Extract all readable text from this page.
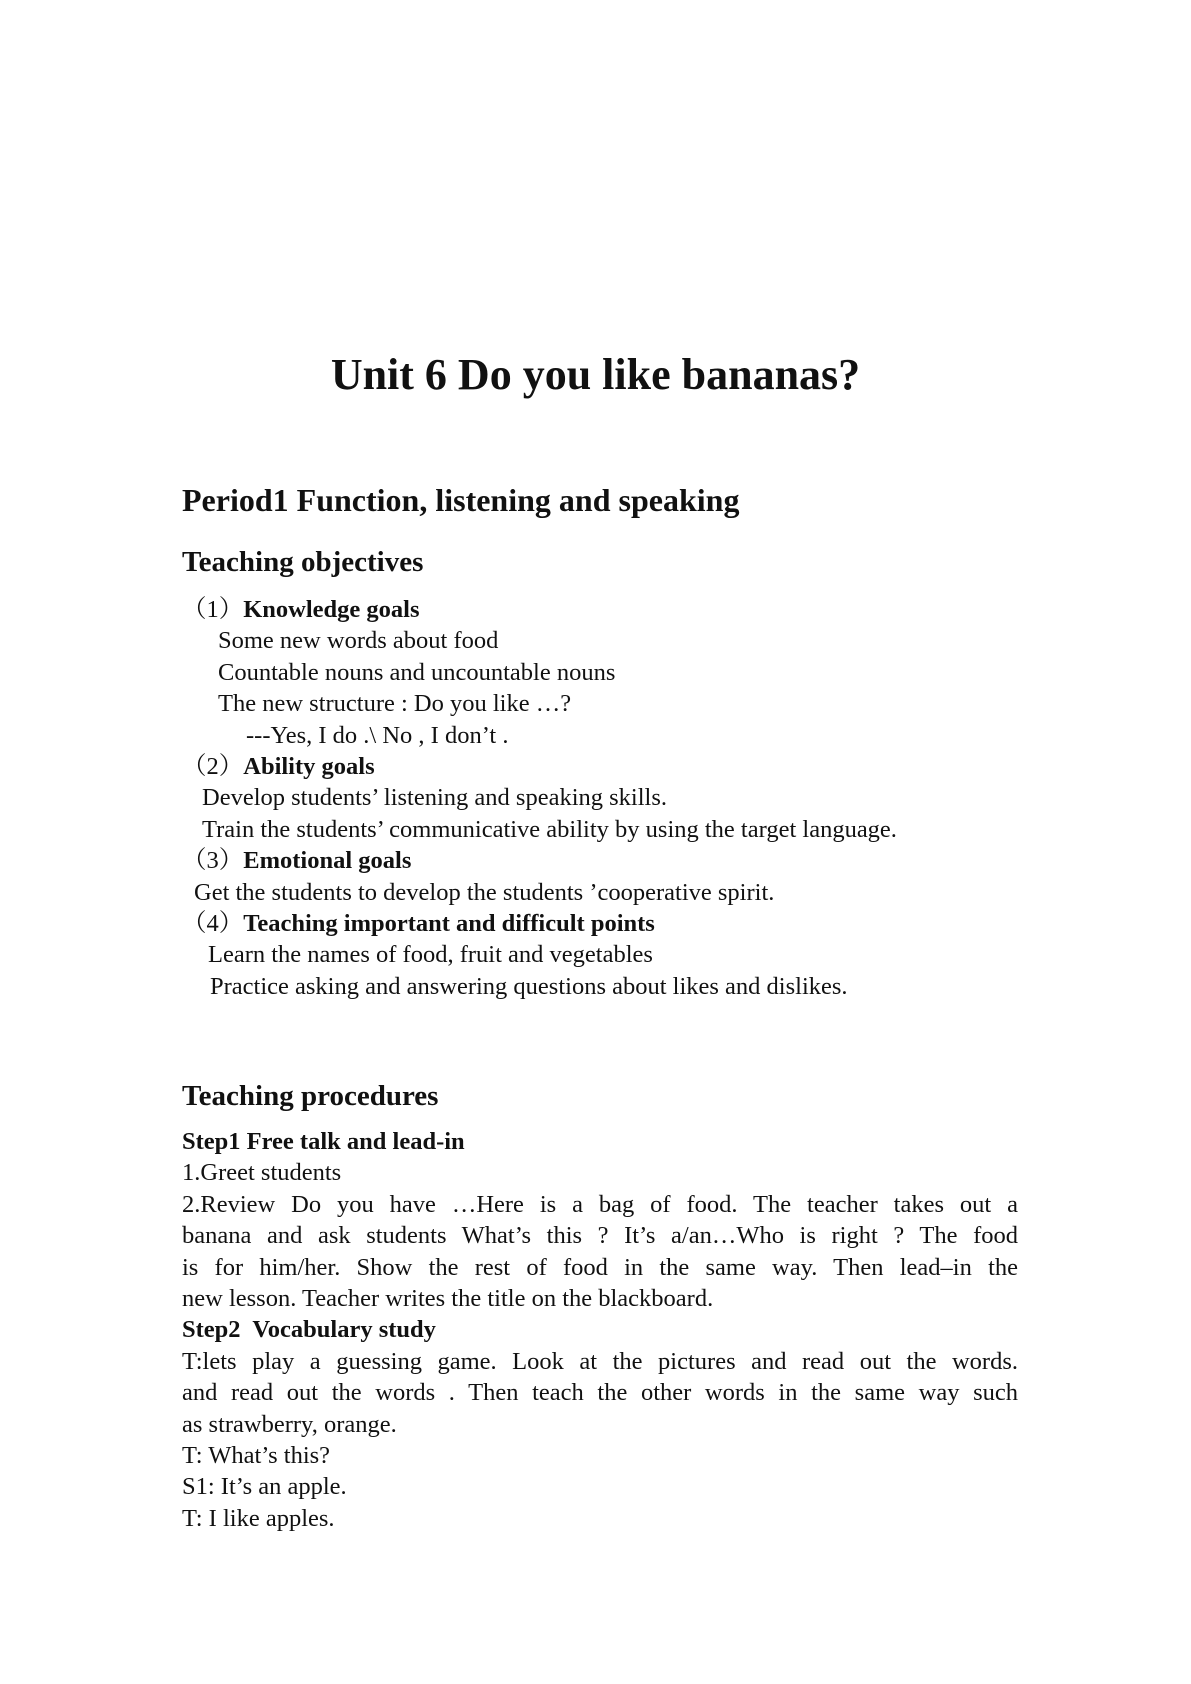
Unit 6 Do you like bananas?
Period1 Function, listening and speaking
Teaching objectives
（1）Knowledge goals
Some new words about food
Countable nouns and uncountable nouns
The new structure : Do you like …?
---Yes, I do .\ No , I don’t .
（2）Ability goals
Develop students’ listening and speaking skills.
Train the students’ communicative ability by using the target language.
（3）Emotional goals
Get the students to develop the students ’cooperative spirit.
（4）Teaching important and difficult points
Learn the names of food, fruit and vegetables
Practice asking and answering questions about likes and dislikes.
Teaching procedures
Step1 Free talk and lead-in
1.Greet students
2.Review Do you have …Here is a bag of food. The teacher takes out a
banana and ask students What’s this ? It’s a/an…Who is right ? The food
is for him/her. Show the rest of food in the same way. Then lead–in the
new lesson. Teacher writes the title on the blackboard.
Step2  Vocabulary study
T:lets play a guessing game. Look at the pictures and read out the words.
and read out the words . Then teach the other words in the same way such
as strawberry, orange.
T: What’s this?
S1: It’s an apple.
T: I like apples.
